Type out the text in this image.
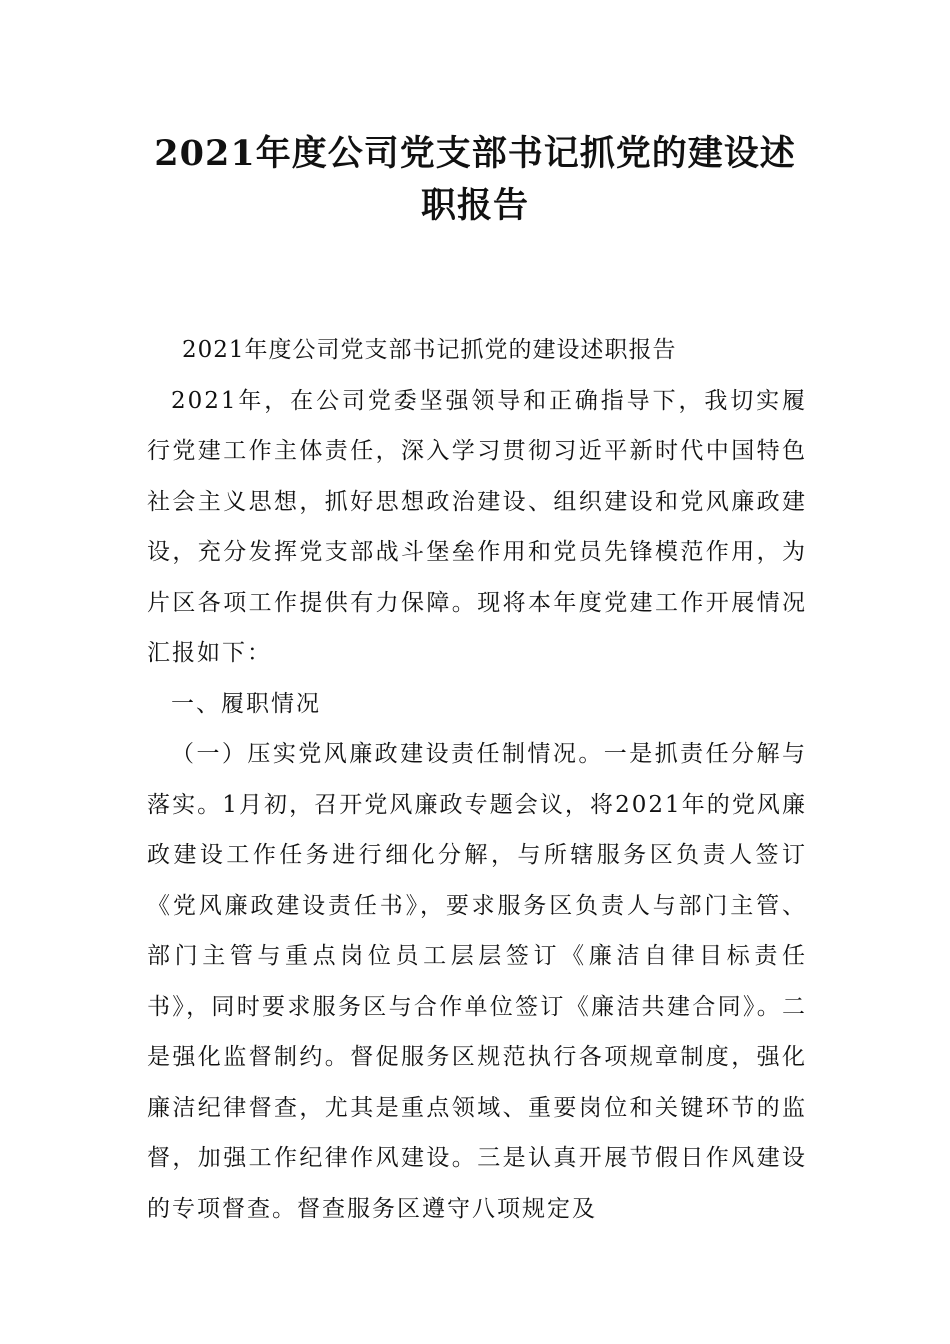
2021年度公司党支部书记抓党的建设述职报告

2021年度公司党支部书记抓党的建设述职报告

2021年，在公司党委坚强领导和正确指导下，我切实履行党建工作主体责任，深入学习贯彻习近平新时代中国特色社会主义思想，抓好思想政治建设、组织建设和党风廉政建设，充分发挥党支部战斗堡垒作用和党员先锋模范作用，为片区各项工作提供有力保障。现将本年度党建工作开展情况汇报如下：

一、履职情况

（一）压实党风廉政建设责任制情况。一是抓责任分解与落实。1月初，召开党风廉政专题会议，将2021年的党风廉政建设工作任务进行细化分解，与所辖服务区负责人签订《党风廉政建设责任书》，要求服务区负责人与部门主管、部门主管与重点岗位员工层层签订《廉洁自律目标责任书》，同时要求服务区与合作单位签订《廉洁共建合同》。二是强化监督制约。督促服务区规范执行各项规章制度，强化廉洁纪律督查，尤其是重点领域、重要岗位和关键环节的监督，加强工作纪律作风建设。三是认真开展节假日作风建设的专项督查。督查服务区遵守八项规定及
